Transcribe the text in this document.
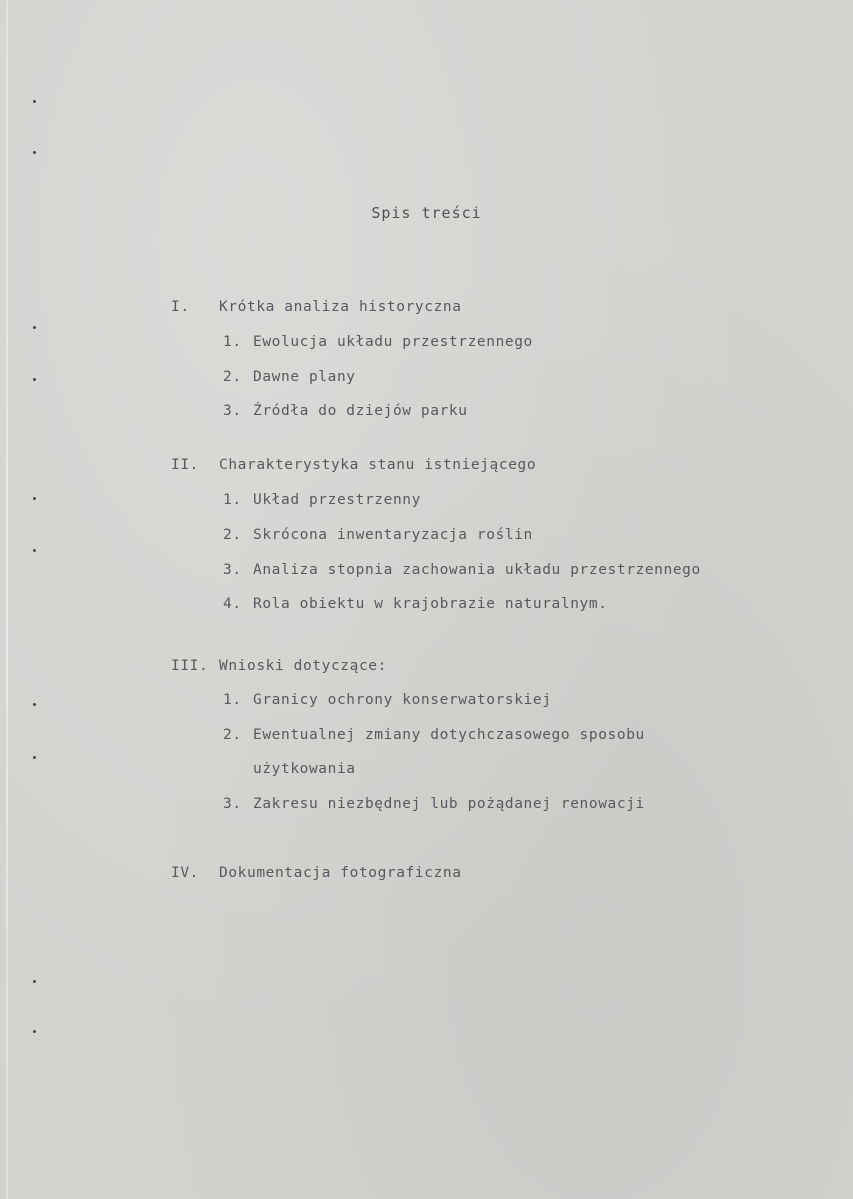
Spis treści
I. Krótka analiza historyczna
1. Ewolucja układu przestrzennego
2. Dawne plany
3. Źródła do dziejów parku
II. Charakterystyka stanu istniejącego
1. Układ przestrzenny
2. Skrócona inwentaryzacja roślin
3. Analiza stopnia zachowania układu przestrzennego
4. Rola obiektu w krajobrazie naturalnym.
III. Wnioski dotyczące:
1. Granicy ochrony konserwatorskiej
2. Ewentualnej zmiany dotychczasowego sposobu
użytkowania
3. Zakresu niezbędnej lub pożądanej renowacji
IV. Dokumentacja fotograficzna
